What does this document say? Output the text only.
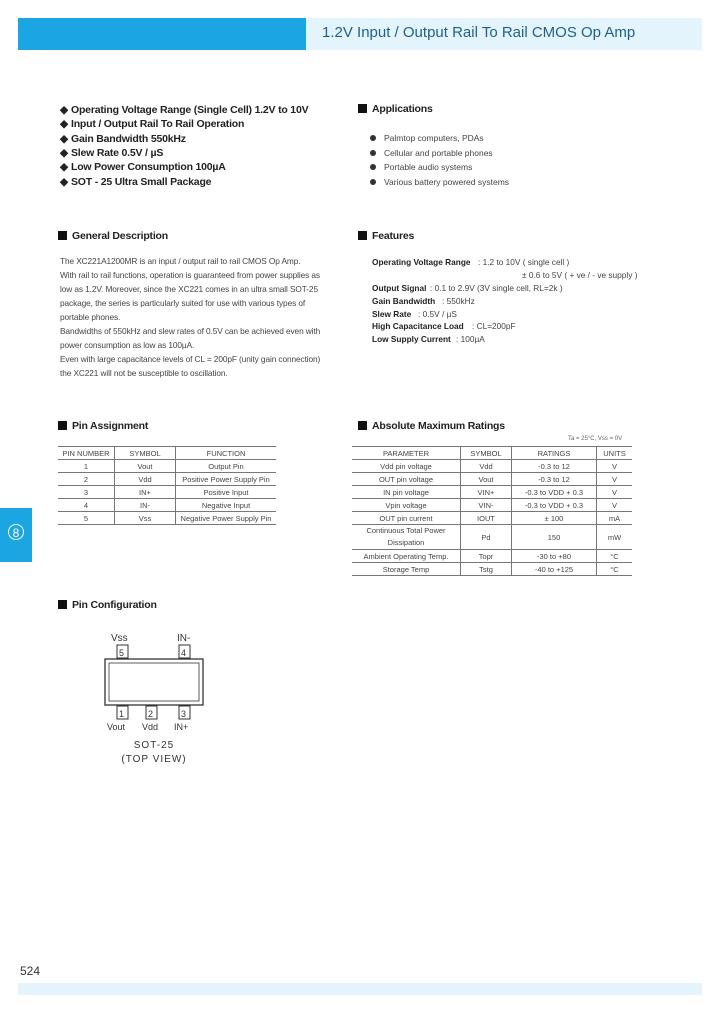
1.2V Input / Output Rail To Rail CMOS Op Amp
8
◆ Operating Voltage Range (Single Cell) 1.2V to 10V
◆ Input / Output Rail To Rail Operation
◆ Gain Bandwidth 550kHz
◆ Slew Rate 0.5V / µS
◆ Low Power Consumption 100µA
◆ SOT - 25 Ultra Small Package
Applications
Palmtop computers, PDAs
Cellular and portable phones
Portable audio systems
Various battery powered systems
General Description
The XC221A1200MR is an input / output rail to rail CMOS Op Amp.
With rail to rail functions, operation is guaranteed from power supplies as
low as 1.2V. Moreover, since the XC221 comes in an ultra small SOT-25
package, the series is particularly suited for use with various types of
portable phones.
Bandwidths of 550kHz and slew rates of 0.5V can be achieved even with
power consumption as low as 100µA.
Even with large capacitance levels of CL = 200pF (unity gain connection)
the XC221 will not be susceptible to oscillation.
Features
Operating Voltage Range : 1.2 to 10V ( single cell )
± 0.6 to 5V ( + ve / - ve supply )
Output Signal : 0.1 to 2.9V (3V single cell, RL=2k )
Gain Bandwidth : 550kHz
Slew Rate : 0.5V / µS
High Capacitance Load : CL=200pF
Low Supply Current : 100µA
Pin Assignment
PIN NUMBER	SYMBOL	FUNCTION
1	Vout	Output Pin
2	Vdd	Positive Power Supply Pin
3	IN+	Positive Input
4	IN-	Negative Input
5	Vss	Negative Power Supply Pin
Absolute Maximum Ratings
Ta = 25°C, Vss = 0V
PARAMETER	SYMBOL	RATINGS	UNITS
Vdd pin voltage	Vdd	-0.3 to 12	V
OUT pin voltage	Vout	-0.3 to 12	V
IN pin voltage	VIN+	-0.3 to VDD + 0.3	V
Vpin voltage	VIN-	-0.3 to VDD + 0.3	V
OUT pin current	IOUT	± 100	mA
Continuous Total Power Dissipation	Pd	150	mW
Ambient Operating Temp.	Topr	-30 to +80	°C
Storage Temp	Tstg	-40 to +125	°C
Pin Configuration
Vss	IN-
5	4
1	2	3
Vout Vdd IN+
SOT-25
(TOP VIEW)
524
